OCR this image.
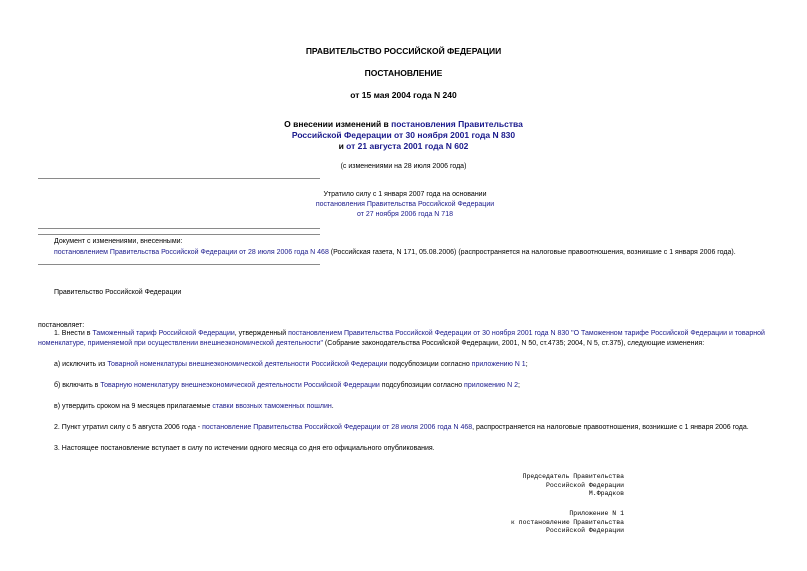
ПРАВИТЕЛЬСТВО РОССИЙСКОЙ ФЕДЕРАЦИИ
ПОСТАНОВЛЕНИЕ
от 15 мая 2004 года N 240
О внесении изменений в постановления Правительства
Российской Федерации от 30 ноября 2001 года N 830
и от 21 августа 2001 года N 602
(с изменениями на 28 июля 2006 года)
Утратило силу с 1 января 2007 года на основании
постановления Правительства Российской Федерации
от 27 ноября 2006 года N 718
Документ с изменениями, внесенными:
постановлением Правительства Российской Федерации от 28 июля 2006 года N 468 (Российская газета, N 171, 05.08.2006) (распространяется на налоговые правоотношения, возникшие с 1 января 2006 года).
Правительство Российской Федерации
постановляет:
1. Внести в Таможенный тариф Российской Федерации, утвержденный постановлением Правительства Российской Федерации от 30 ноября 2001 года N 830 "О Таможенном тарифе Российской Федерации и товарной номенклатуре, применяемой при осуществлении внешнеэкономической деятельности" (Собрание законодательства Российской Федерации, 2001, N 50, ст.4735; 2004, N 5, ст.375), следующие изменения:
а) исключить из Товарной номенклатуры внешнеэкономической деятельности Российской Федерации подсубпозиции согласно приложению N 1;
б) включить в Товарную номенклатуру внешнеэкономической деятельности Российской Федерации подсубпозиции согласно приложению N 2;
в) утвердить сроком на 9 месяцев прилагаемые ставки ввозных таможенных пошлин.
2. Пункт утратил силу с 5 августа 2006 года - постановление Правительства Российской Федерации от 28 июля 2006 года N 468, распространяется на налоговые правоотношения, возникшие с 1 января 2006 года.
3. Настоящее постановление вступает в силу по истечении одного месяца со дня его официального опубликования.
Председатель Правительства
Российской Федерации
М.Фрадков
Приложение N 1
к постановлению Правительства
Российской Федерации
